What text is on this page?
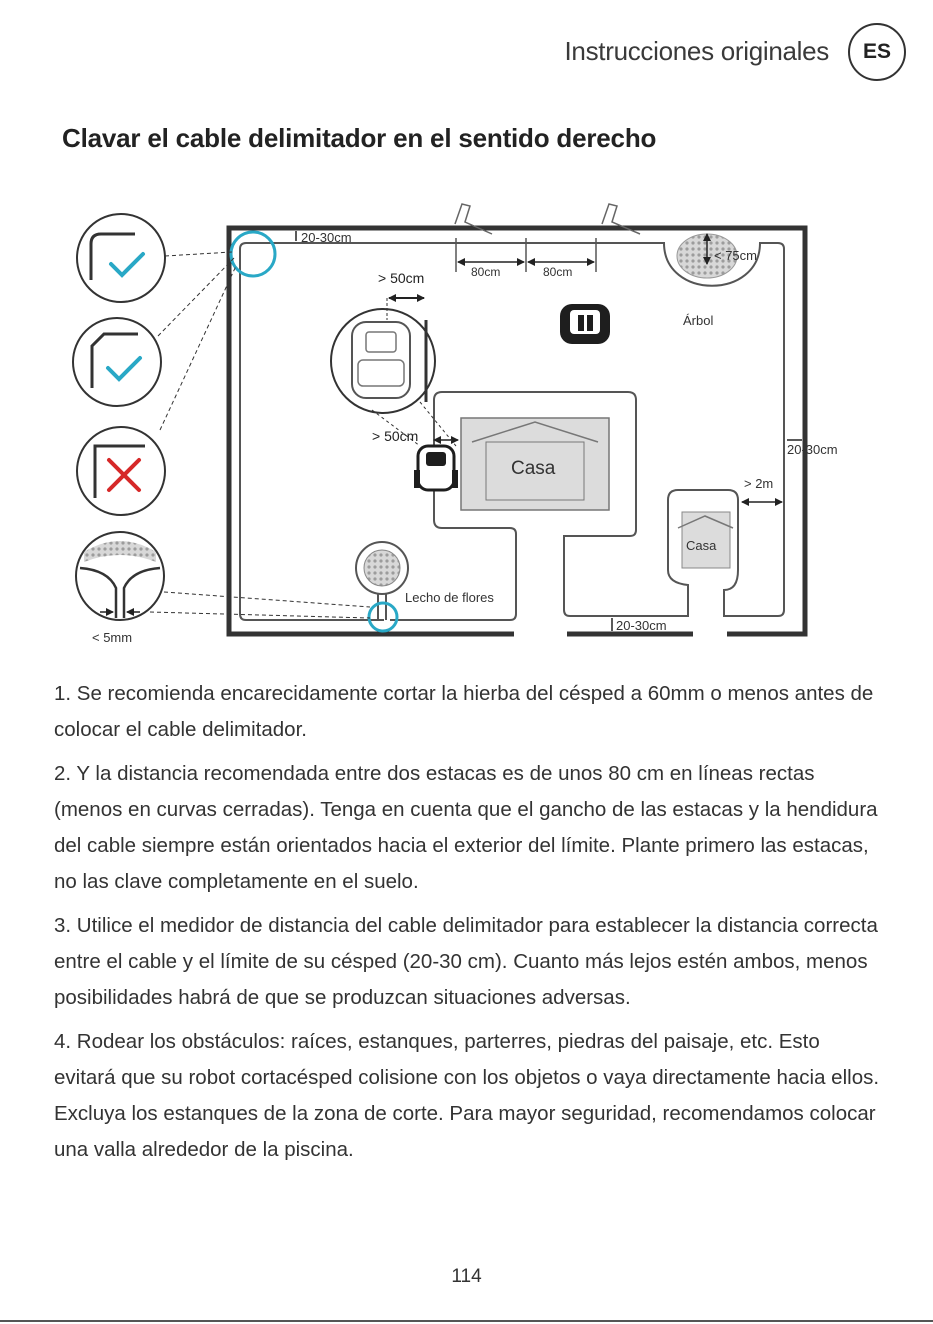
Instrucciones originales	ES
Clavar el cable delimitador en el sentido derecho
Lecho de flores
< 75cm
Árbol
80cm	80cm
20-30cm
20-30cm
20-30cm
Casa
Casa
> 2m
> 50cm
> 50cm
< 5mm

1. Se recomienda encarecidamente cortar la hierba del césped a 60mm o menos antes de colocar el cable delimitador.

2. Y la distancia recomendada entre dos estacas es de unos 80 cm en líneas rectas (menos en curvas cerradas). Tenga en cuenta que el gancho de las estacas y la hendidura del cable siempre están orientados hacia el exterior del límite. Plante primero las estacas, no las clave completamente en el suelo.

3. Utilice el medidor de distancia del cable delimitador para establecer la distancia correcta entre el cable y el límite de su césped (20-30 cm). Cuanto más lejos estén ambos, menos posibilidades habrá de que se produzcan situaciones adversas.

4. Rodear los obstáculos: raíces, estanques, parterres, piedras del paisaje, etc. Esto evitará que su robot cortacésped colisione con los objetos o vaya directamente hacia ellos.

Excluya los estanques de la zona de corte. Para mayor seguridad, recomendamos colocar una valla alrededor de la piscina.

114
